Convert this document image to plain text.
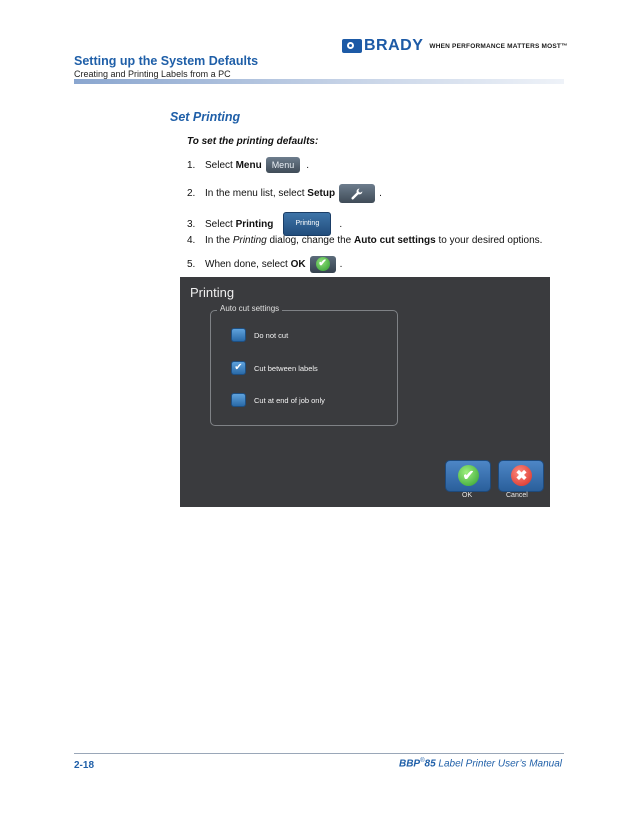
Setting up the System Defaults
Creating and Printing Labels from a PC
BRADY WHEN PERFORMANCE MATTERS MOST™
Set Printing
To set the printing defaults:
1. Select Menu	Menu	.
2. In the menu list, select Setup	.
3. Select Printing	Printing	.
4. In the Printing dialog, change the Auto cut settings to your desired options.
5. When done, select OK ✔ .
Printing
Auto cut settings
Do not cut
✔	Cut between labels
Cut at end of job only
✔
OK
✖
Cancel
2-18	BBP®85 Label Printer User’s Manual
